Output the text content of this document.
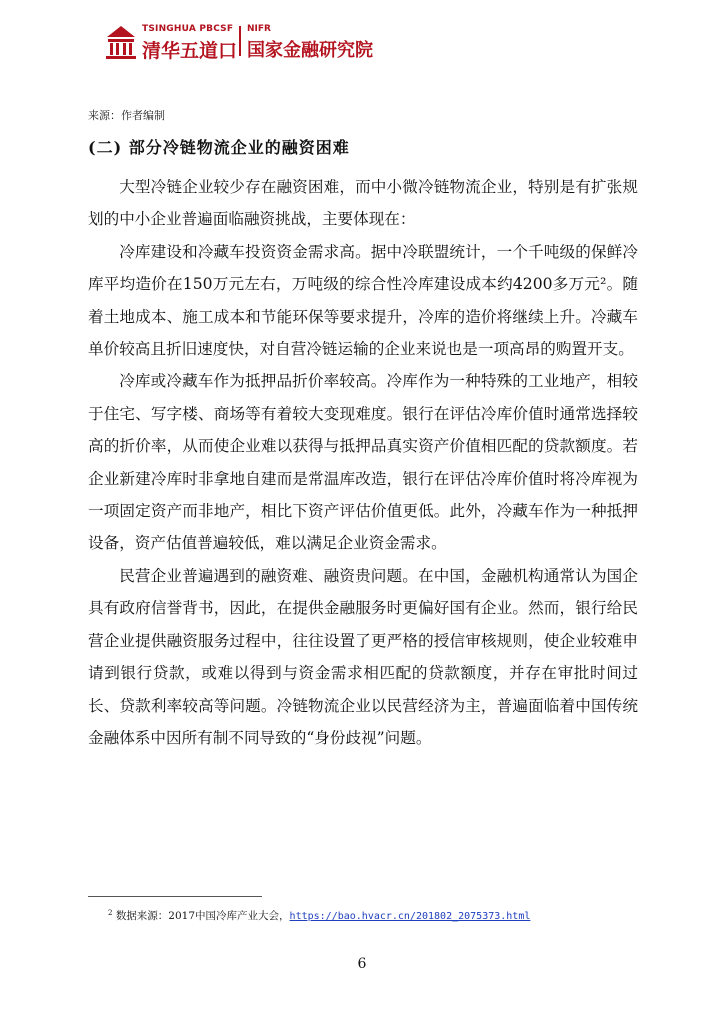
TSINGHUA PBCSF
清华五道口
NIFR
国家金融研究院
来源：作者编制
(二) 部分冷链物流企业的融资困难

大型冷链企业较少存在融资困难，而中小微冷链物流企业，特别是有扩张规划的中小企业普遍面临融资挑战，主要体现在：

冷库建设和冷藏车投资资金需求高。据中冷联盟统计，一个千吨级的保鲜冷库平均造价在150万元左右，万吨级的综合性冷库建设成本约4200多万元²。随着土地成本、施工成本和节能环保等要求提升，冷库的造价将继续上升。冷藏车单价较高且折旧速度快，对自营冷链运输的企业来说也是一项高昂的购置开支。

冷库或冷藏车作为抵押品折价率较高。冷库作为一种特殊的工业地产，相较于住宅、写字楼、商场等有着较大变现难度。银行在评估冷库价值时通常选择较高的折价率，从而使企业难以获得与抵押品真实资产价值相匹配的贷款额度。若企业新建冷库时非拿地自建而是常温库改造，银行在评估冷库价值时将冷库视为一项固定资产而非地产，相比下资产评估价值更低。此外，冷藏车作为一种抵押设备，资产估值普遍较低，难以满足企业资金需求。

民营企业普遍遇到的融资难、融资贵问题。在中国，金融机构通常认为国企具有政府信誉背书，因此，在提供金融服务时更偏好国有企业。然而，银行给民营企业提供融资服务过程中，往往设置了更严格的授信审核规则，使企业较难申请到银行贷款，或难以得到与资金需求相匹配的贷款额度，并存在审批时间过长、贷款利率较高等问题。冷链物流企业以民营经济为主，普遍面临着中国传统金融体系中因所有制不同导致的“身份歧视”问题。

$^2$ 数据来源：2017中国冷库产业大会，https://bao.hvacr.cn/201802_2075373.html
6
